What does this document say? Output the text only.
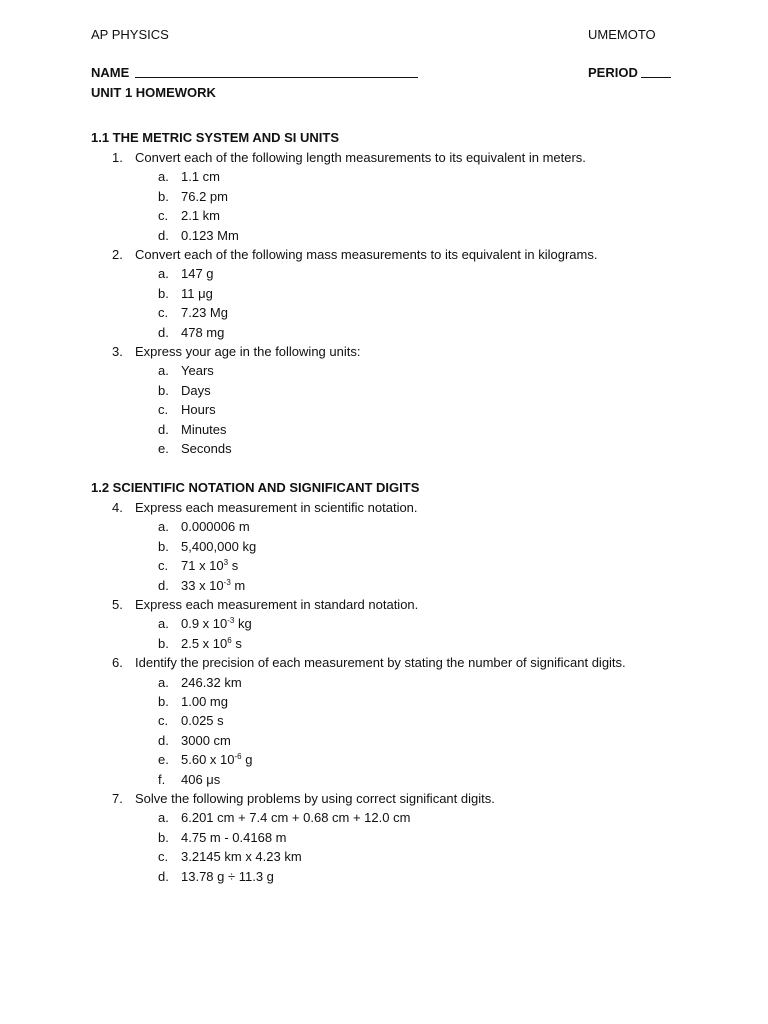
AP PHYSICS	UMEMOTO
NAME	PERIOD
UNIT 1 HOMEWORK
1.1 THE METRIC SYSTEM AND SI UNITS
1. Convert each of the following length measurements to its equivalent in meters.
a. 1.1 cm
b. 76.2 pm
c. 2.1 km
d. 0.123 Mm
2. Convert each of the following mass measurements to its equivalent in kilograms.
a. 147 g
b. 11 μg
c. 7.23 Mg
d. 478 mg
3. Express your age in the following units:
a. Years
b. Days
c. Hours
d. Minutes
e. Seconds
1.2 SCIENTIFIC NOTATION AND SIGNIFICANT DIGITS
4. Express each measurement in scientific notation.
a. 0.000006 m
b. 5,400,000 kg
c. 71 x $10^3$ s
d. 33 x $10^{-3}$ m
5. Express each measurement in standard notation.
a. 0.9 x $10^{-3}$ kg
b. 2.5 x $10^6$ s
6. Identify the precision of each measurement by stating the number of significant digits.
a. 246.32 km
b. 1.00 mg
c. 0.025 s
d. 3000 cm
e. 5.60 x $10^{-6}$ g
f. 406 μs
7. Solve the following problems by using correct significant digits.
a. 6.201 cm + 7.4 cm + 0.68 cm + 12.0 cm
b. 4.75 m - 0.4168 m
c. 3.2145 km x 4.23 km
d. 13.78 g ÷ 11.3 g
